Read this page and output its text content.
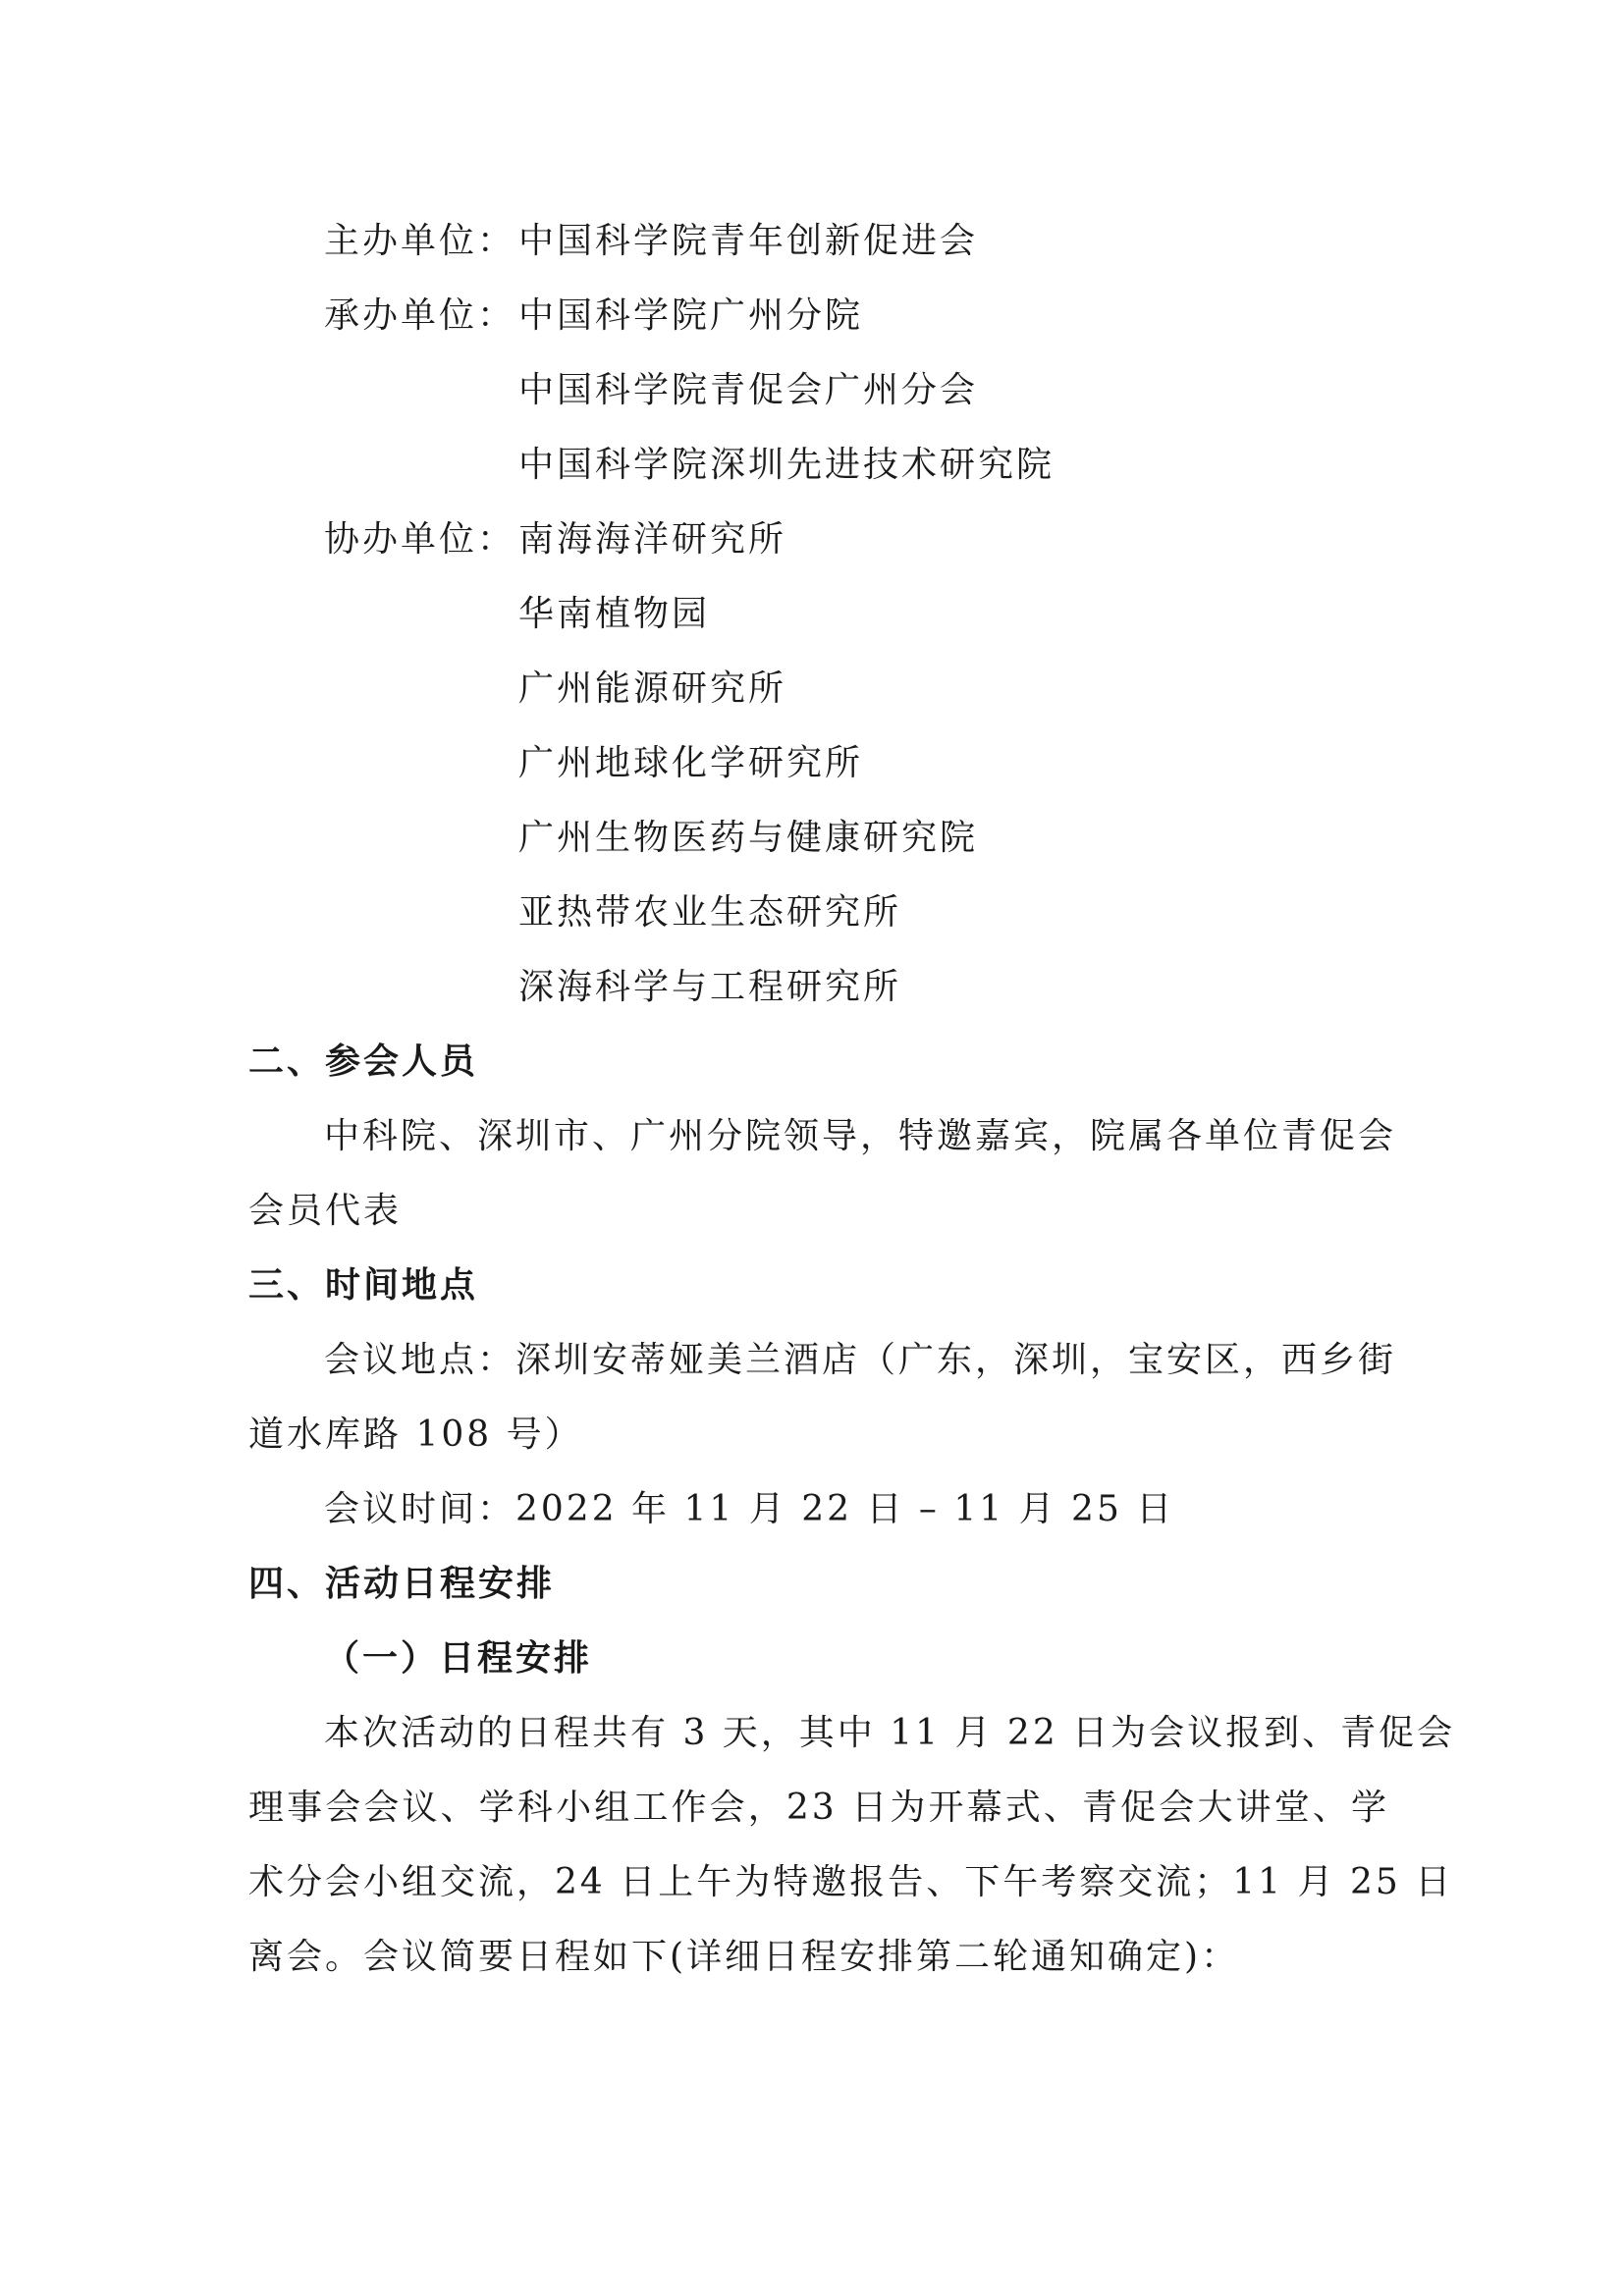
主办单位： 中国科学院青年创新促进会
承办单位： 中国科学院广州分院
中国科学院青促会广州分会
中国科学院深圳先进技术研究院
协办单位： 南海海洋研究所
华南植物园
广州能源研究所
广州地球化学研究所
广州生物医药与健康研究院
亚热带农业生态研究所
深海科学与工程研究所
二、参会人员
中科院、深圳市、广州分院领导，特邀嘉宾，院属各单位青促会
会员代表
三、时间地点
会议地点：深圳安蒂娅美兰酒店（广东，深圳，宝安区，西乡街
道水库路 108 号）
会议时间：2022 年 11 月 22 日 – 11 月 25 日
四、活动日程安排
（一）日程安排
本次活动的日程共有 3 天，其中 11 月 22 日为会议报到、青促会
理事会会议、学科小组工作会，23 日为开幕式、青促会大讲堂、学
术分会小组交流，24 日上午为特邀报告、下午考察交流；11 月 25 日
离会。会议简要日程如下(详细日程安排第二轮通知确定)：
